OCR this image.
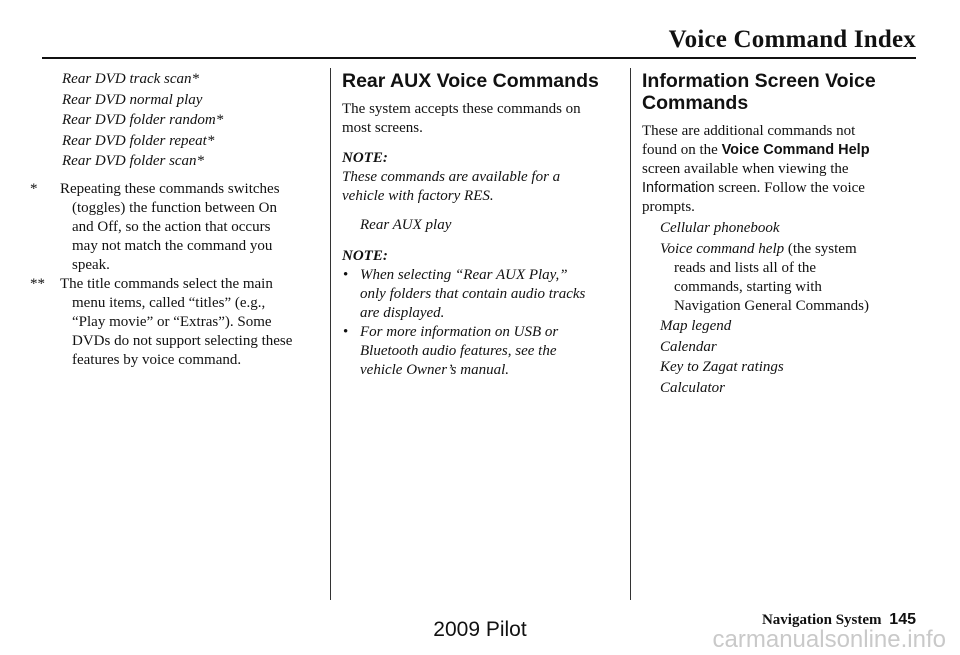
Voice Command Index
Rear DVD track scan*
Rear DVD normal play
Rear DVD folder random*
Rear DVD folder repeat*
Rear DVD folder scan*
* Repeating these commands switches
(toggles) the function between On
and Off, so the action that occurs
may not match the command you
speak.
** The title commands select the main
menu items, called “titles” (e.g.,
“Play movie” or “Extras”). Some
DVDs do not support selecting these
features by voice command.
Rear AUX Voice Commands
The system accepts these commands on
most screens.
NOTE:
These commands are available for a
vehicle with factory RES.
Rear AUX play
NOTE:
• When selecting “Rear AUX Play,”
only folders that contain audio tracks
are displayed.
• For more information on USB or
Bluetooth audio features, see the
vehicle Owner’s manual.
Information Screen Voice
Commands
These are additional commands not
found on the Voice Command Help
screen available when viewing the
Information screen. Follow the voice
prompts.
Cellular phonebook
Voice command help (the system
reads and lists all of the
commands, starting with
Navigation General Commands)
Map legend
Calendar
Key to Zagat ratings
Calculator
Navigation System 145
2009 Pilot	carmanualsonline.info
